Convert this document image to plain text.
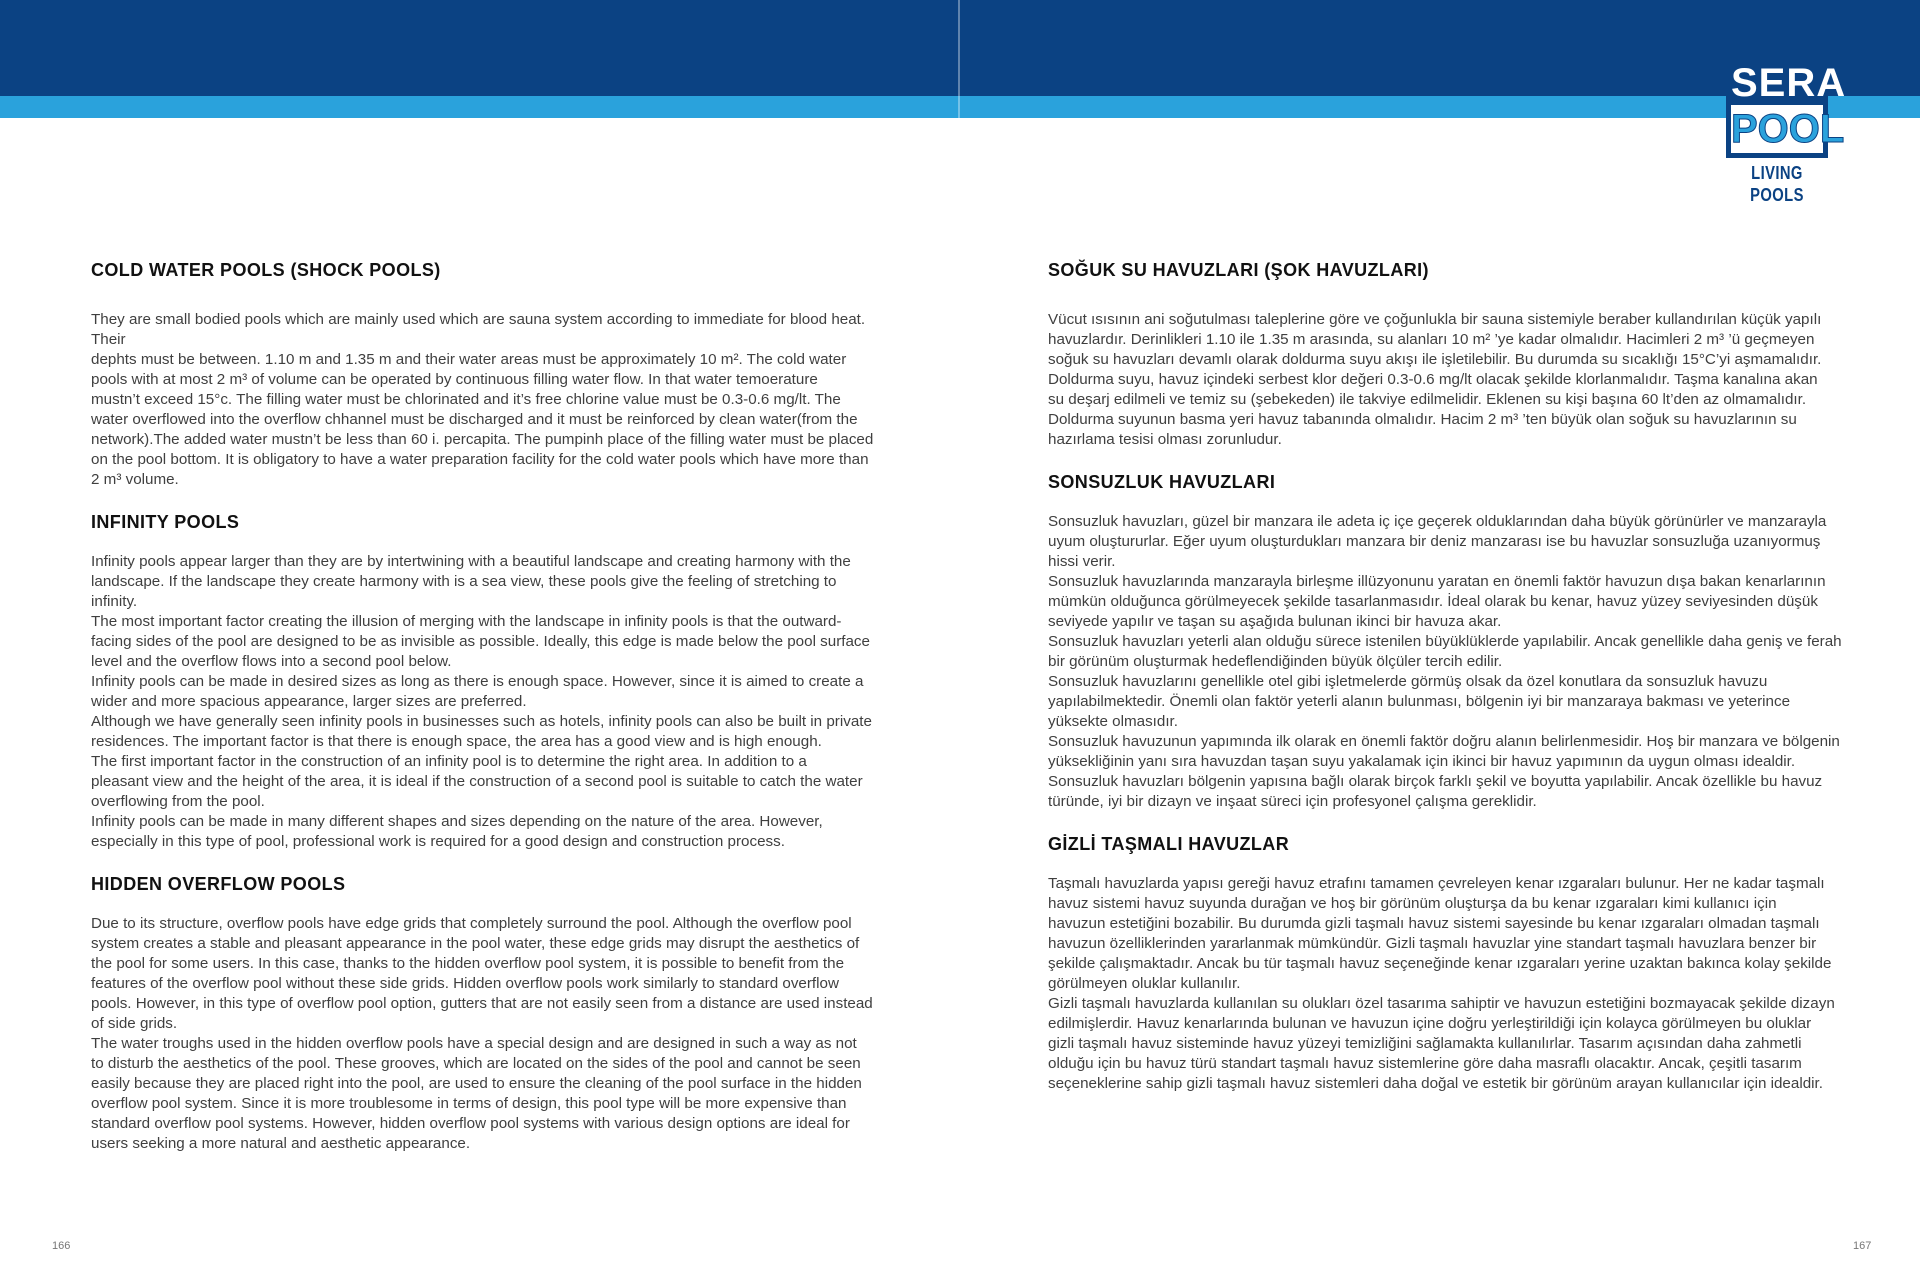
SERA
POOL
LIVING POOLS
COLD WATER POOLS (SHOCK POOLS)

They are small bodied pools which are mainly used which are sauna system according to immediate for blood heat.
Their
dephts must be between. 1.10 m and 1.35 m and their water areas must be approximately 10 m². The cold water
pools with at most 2 m³ of volume can be operated by continuous filling water flow. In that water temoerature
mustn’t exceed 15°c. The filling water must be chlorinated and it’s free chlorine value must be 0.3-0.6 mg/lt. The
water overflowed into the overflow chhannel must be discharged and it must be reinforced by clean water(from the
network).The added water mustn’t be less than 60 i. percapita. The pumpinh place of the filling water must be placed
on the pool bottom. It is obligatory to have a water preparation facility for the cold water pools which have more than
2 m³ volume.

INFINITY POOLS

Infinity pools appear larger than they are by intertwining with a beautiful landscape and creating harmony with the
landscape. If the landscape they create harmony with is a sea view, these pools give the feeling of stretching to
infinity.
The most important factor creating the illusion of merging with the landscape in infinity pools is that the outward-
facing sides of the pool are designed to be as invisible as possible. Ideally, this edge is made below the pool surface
level and the overflow flows into a second pool below.
Infinity pools can be made in desired sizes as long as there is enough space. However, since it is aimed to create a
wider and more spacious appearance, larger sizes are preferred.
Although we have generally seen infinity pools in businesses such as hotels, infinity pools can also be built in private
residences. The important factor is that there is enough space, the area has a good view and is high enough.
The first important factor in the construction of an infinity pool is to determine the right area. In addition to a
pleasant view and the height of the area, it is ideal if the construction of a second pool is suitable to catch the water
overflowing from the pool.
Infinity pools can be made in many different shapes and sizes depending on the nature of the area. However,
especially in this type of pool, professional work is required for a good design and construction process.

HIDDEN OVERFLOW POOLS

Due to its structure, overflow pools have edge grids that completely surround the pool. Although the overflow pool
system creates a stable and pleasant appearance in the pool water, these edge grids may disrupt the aesthetics of
the pool for some users. In this case, thanks to the hidden overflow pool system, it is possible to benefit from the
features of the overflow pool without these side grids. Hidden overflow pools work similarly to standard overflow
pools. However, in this type of overflow pool option, gutters that are not easily seen from a distance are used instead
of side grids.
The water troughs used in the hidden overflow pools have a special design and are designed in such a way as not
to disturb the aesthetics of the pool. These grooves, which are located on the sides of the pool and cannot be seen
easily because they are placed right into the pool, are used to ensure the cleaning of the pool surface in the hidden
overflow pool system. Since it is more troublesome in terms of design, this pool type will be more expensive than
standard overflow pool systems. However, hidden overflow pool systems with various design options are ideal for
users seeking a more natural and aesthetic appearance.

SOĞUK SU HAVUZLARI (ŞOK HAVUZLARI)

Vücut ısısının ani soğutulması taleplerine göre ve çoğunlukla bir sauna sistemiyle beraber kullandırılan küçük yapılı
havuzlardır. Derinlikleri 1.10 ile 1.35 m arasında, su alanları 10 m² ’ye kadar olmalıdır. Hacimleri 2 m³ ’ü geçmeyen
soğuk su havuzları devamlı olarak doldurma suyu akışı ile işletilebilir. Bu durumda su sıcaklığı 15°C’yi aşmamalıdır.
Doldurma suyu, havuz içindeki serbest klor değeri 0.3-0.6 mg/lt olacak şekilde klorlanmalıdır. Taşma kanalına akan
su deşarj edilmeli ve temiz su (şebekeden) ile takviye edilmelidir. Eklenen su kişi başına 60 lt’den az olmamalıdır.
Doldurma suyunun basma yeri havuz tabanında olmalıdır. Hacim 2 m³ ’ten büyük olan soğuk su havuzlarının su
hazırlama tesisi olması zorunludur.

SONSUZLUK HAVUZLARI

Sonsuzluk havuzları, güzel bir manzara ile adeta iç içe geçerek olduklarından daha büyük görünürler ve manzarayla
uyum oluştururlar. Eğer uyum oluşturdukları manzara bir deniz manzarası ise bu havuzlar sonsuzluğa uzanıyormuş
hissi verir.
Sonsuzluk havuzlarında manzarayla birleşme illüzyonunu yaratan en önemli faktör havuzun dışa bakan kenarlarının
mümkün olduğunca görülmeyecek şekilde tasarlanmasıdır. İdeal olarak bu kenar, havuz yüzey seviyesinden düşük
seviyede yapılır ve taşan su aşağıda bulunan ikinci bir havuza akar.
Sonsuzluk havuzları yeterli alan olduğu sürece istenilen büyüklüklerde yapılabilir. Ancak genellikle daha geniş ve ferah
bir görünüm oluşturmak hedeflendiğinden büyük ölçüler tercih edilir.
Sonsuzluk havuzlarını genellikle otel gibi işletmelerde görmüş olsak da özel konutlara da sonsuzluk havuzu
yapılabilmektedir. Önemli olan faktör yeterli alanın bulunması, bölgenin iyi bir manzaraya bakması ve yeterince
yüksekte olmasıdır.
Sonsuzluk havuzunun yapımında ilk olarak en önemli faktör doğru alanın belirlenmesidir. Hoş bir manzara ve bölgenin
yüksekliğinin yanı sıra havuzdan taşan suyu yakalamak için ikinci bir havuz yapımının da uygun olması idealdir.
Sonsuzluk havuzları bölgenin yapısına bağlı olarak birçok farklı şekil ve boyutta yapılabilir. Ancak özellikle bu havuz
türünde, iyi bir dizayn ve inşaat süreci için profesyonel çalışma gereklidir.

GİZLİ TAŞMALI HAVUZLAR

Taşmalı havuzlarda yapısı gereği havuz etrafını tamamen çevreleyen kenar ızgaraları bulunur. Her ne kadar taşmalı
havuz sistemi havuz suyunda durağan ve hoş bir görünüm oluşturşa da bu kenar ızgaraları kimi kullanıcı için
havuzun estetiğini bozabilir. Bu durumda gizli taşmalı havuz sistemi sayesinde bu kenar ızgaraları olmadan taşmalı
havuzun özelliklerinden yararlanmak mümkündür. Gizli taşmalı havuzlar yine standart taşmalı havuzlara benzer bir
şekilde çalışmaktadır. Ancak bu tür taşmalı havuz seçeneğinde kenar ızgaraları yerine uzaktan bakınca kolay şekilde
görülmeyen oluklar kullanılır.
Gizli taşmalı havuzlarda kullanılan su olukları özel tasarıma sahiptir ve havuzun estetiğini bozmayacak şekilde dizayn
edilmişlerdir. Havuz kenarlarında bulunan ve havuzun içine doğru yerleştirildiği için kolayca görülmeyen bu oluklar
gizli taşmalı havuz sisteminde havuz yüzeyi temizliğini sağlamakta kullanılırlar. Tasarım açısından daha zahmetli
olduğu için bu havuz türü standart taşmalı havuz sistemlerine göre daha masraflı olacaktır. Ancak, çeşitli tasarım
seçeneklerine sahip gizli taşmalı havuz sistemleri daha doğal ve estetik bir görünüm arayan kullanıcılar için idealdir.

166	167
